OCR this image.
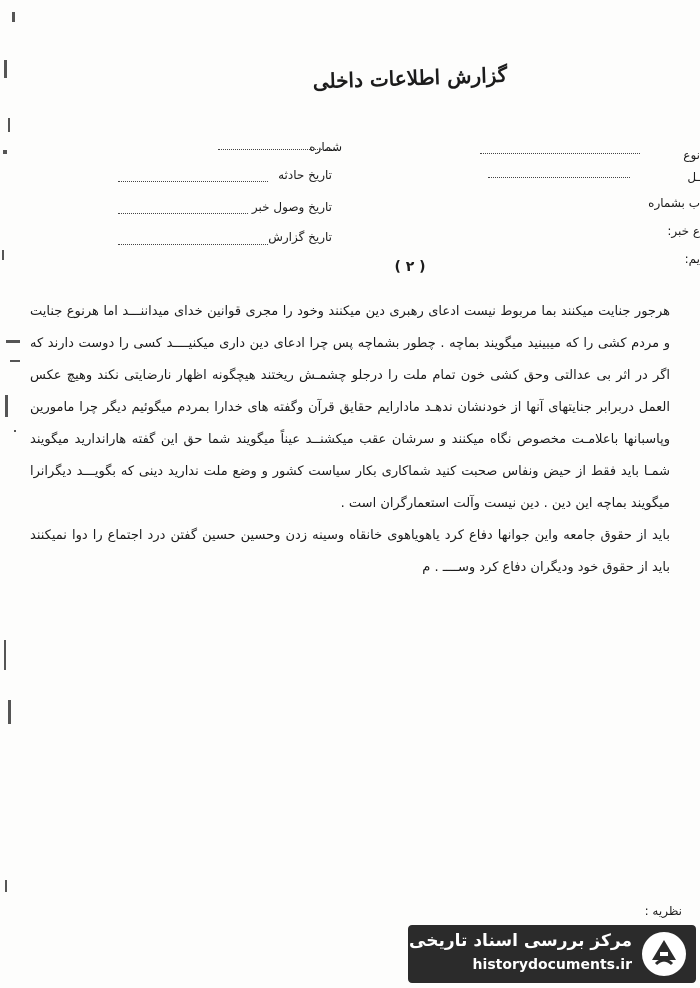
گزارش اطلاعات داخلی
نوع
ـل
ب بشماره
ع خبر:
یم:
شماره
تاریخ حادثه
تاریخ وصول خبر
تاریخ گزارش
( ۲ )

هرجور جنایت میکنند بما مربوط نیست ادعای رهبری دین میکنند وخود را مجری قوانین خدای میداننـــد اما هرنوع جنایت و مردم کشی را که میبینید میگویند بماچه . چطور بشماچه پس چرا ادعای دین داری میکنیــــد کسی را دوست دارند که اگر در اثر بی عدالتی وحق کشی خون تمام ملت را درجلو چشمـش ریختند هیچگونه اظهار نارضایتی نکند وهیچ عکس العمل دربرابر جنایتهای آنها از خودنشان ندهـد مادارایم حقایق قرآن وگفته های خدارا بمردم میگوئیم دیگر چرا مامورین وپاسبانها باعلامـت مخصوص نگاه میکنند و سرشان عقب میکشنــد عیناً میگویند شما حق این گفته هاراندارید میگویند شمـا باید فقط از حیض ونفاس صحبت کنید شماکاری بکار سیاست کشور و وضع ملت ندارید دینی که بگویـــد دیگرانرا میگویند بماچه این دین . دین نیست وآلت استعمارگران است .

باید از حقوق جامعه واین جوانها دفاع کرد یاهویاهوی خانقاه وسینه زدن وحسین حسین گفتن درد اجتماع را دوا نمیکنند باید از حقوق خود ودیگران دفاع کرد وســــ . م

نظریه :
مرکز بررسی اسناد تاریخی
historydocuments.ir
